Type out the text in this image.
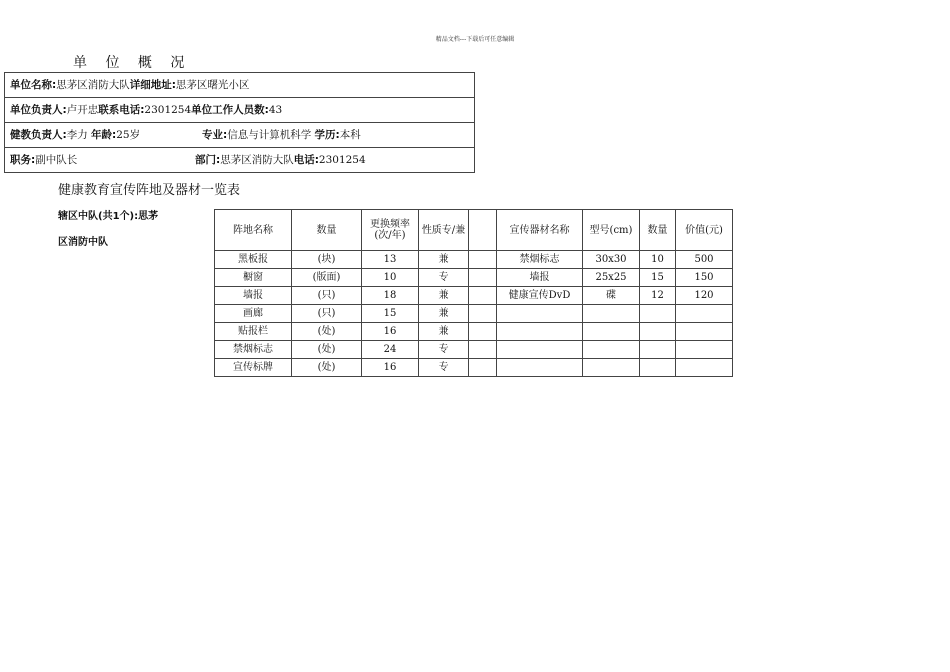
精品文档---下载后可任意编辑
单 位 概 况
单位名称:思茅区消防大队详细地址:思茅区曙光小区
单位负责人:卢开忠联系电话:2301254单位工作人员数:43
健教负责人:李力 年龄:25岁	专业:信息与计算机科学 学历:本科
职务:副中队长	部门:思茅区消防大队电话:2301254
健康教育宣传阵地及器材一览表
辖区中队(共1个):思茅
区消防中队
阵地名称	数量	更换频率(次/年)	性质专/兼		宣传器材名称	型号(cm)	数量	价值(元)
黑板报	(块)	13	兼		禁烟标志	30x30	10	500
橱窗	(版面)	10	专		墙报	25x25	15	150
墙报	(只)	18	兼		健康宣传DvD	碟	12	120
画廊	(只)	15	兼					
贴报栏	(处)	16	兼					
禁烟标志	(处)	24	专					
宣传标牌	(处)	16	专					
